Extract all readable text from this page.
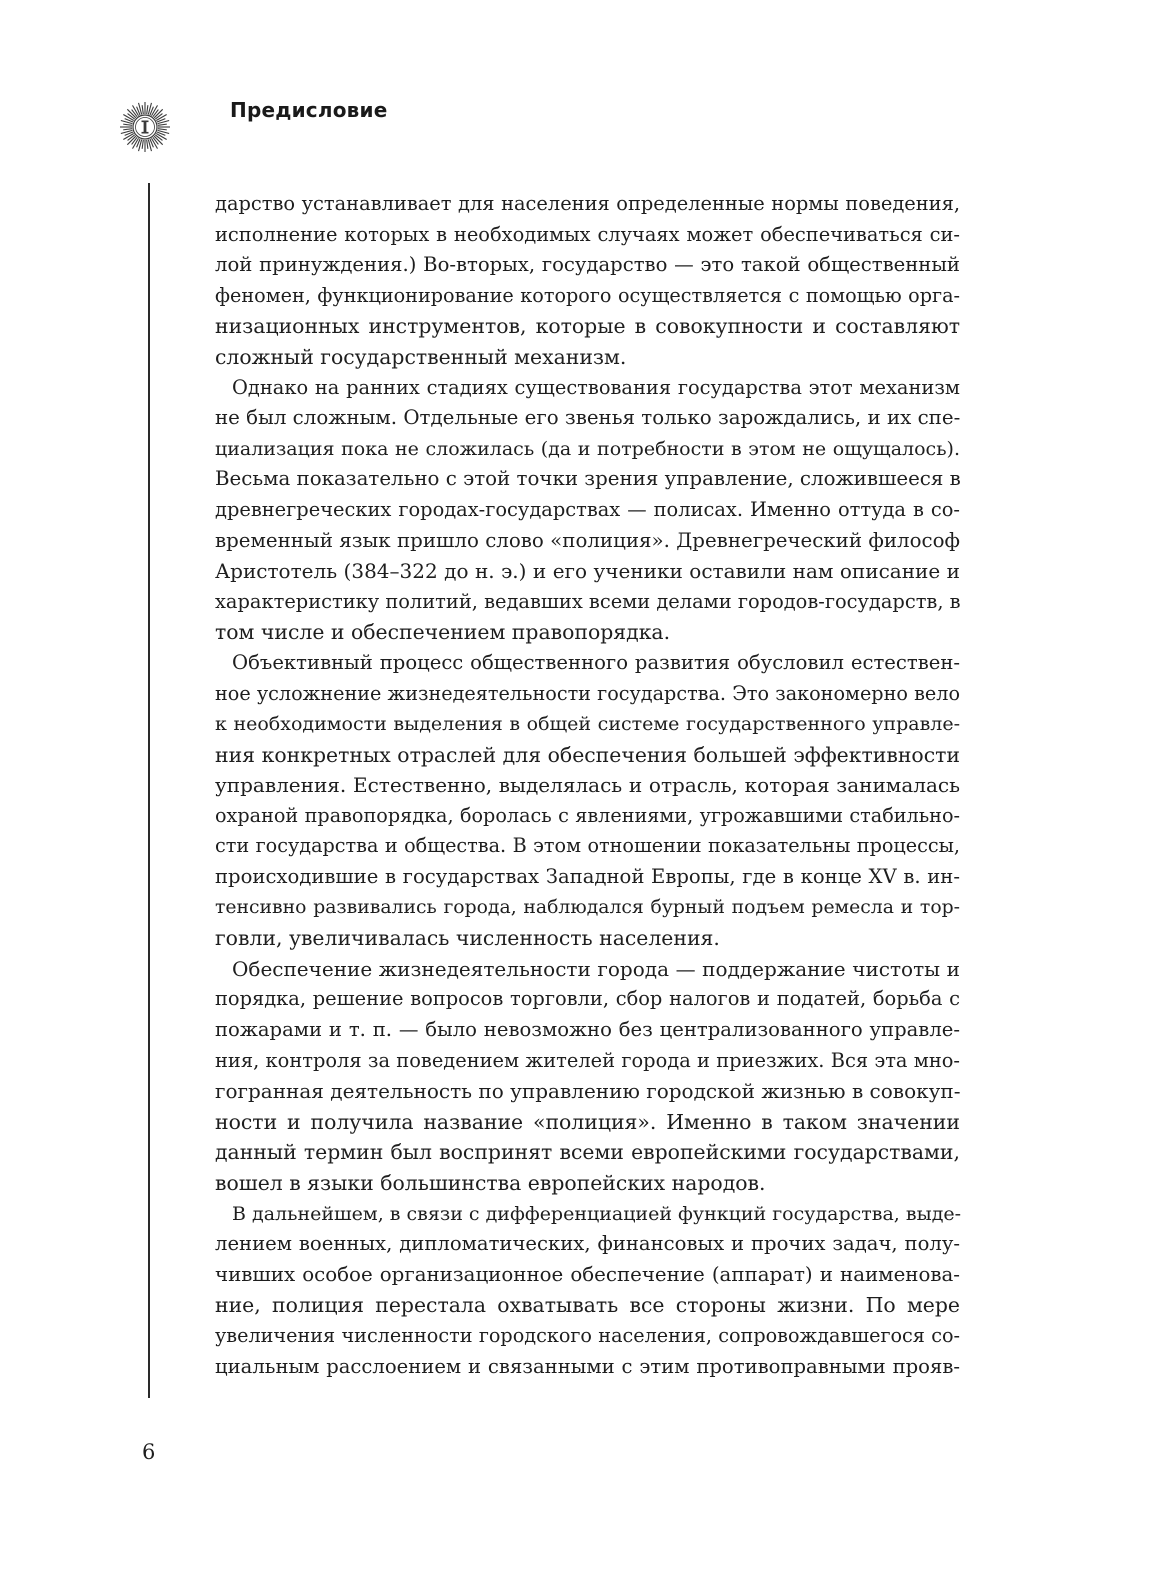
Предисловие
дарство устанавливает для населения определенные нормы поведения,
исполнение которых в необходимых случаях может обеспечиваться си-
лой принуждения.) Во-вторых, государство — это такой общественный
феномен, функционирование которого осуществляется с помощью орга-
низационных инструментов, которые в совокупности и составляют
сложный государственный механизм.
Однако на ранних стадиях существования государства этот механизм
не был сложным. Отдельные его звенья только зарождались, и их спе-
циализация пока не сложилась (да и потребности в этом не ощущалось).
Весьма показательно с этой точки зрения управление, сложившееся в
древнегреческих городах-государствах — полисах. Именно оттуда в со-
временный язык пришло слово «полиция». Древнегреческий философ
Аристотель (384–322 до н. э.) и его ученики оставили нам описание и
характеристику политий, ведавших всеми делами городов-государств, в
том числе и обеспечением правопорядка.
Объективный процесс общественного развития обусловил естествен-
ное усложнение жизнедеятельности государства. Это закономерно вело
к необходимости выделения в общей системе государственного управле-
ния конкретных отраслей для обеспечения большей эффективности
управления. Естественно, выделялась и отрасль, которая занималась
охраной правопорядка, боролась с явлениями, угрожавшими стабильно-
сти государства и общества. В этом отношении показательны процессы,
происходившие в государствах Западной Европы, где в конце XV в. ин-
тенсивно развивались города, наблюдался бурный подъем ремесла и тор-
говли, увеличивалась численность населения.
Обеспечение жизнедеятельности города — поддержание чистоты и
порядка, решение вопросов торговли, сбор налогов и податей, борьба с
пожарами и т. п. — было невозможно без централизованного управле-
ния, контроля за поведением жителей города и приезжих. Вся эта мно-
гогранная деятельность по управлению городской жизнью в совокуп-
ности и получила название «полиция». Именно в таком значении
данный термин был воспринят всеми европейскими государствами,
вошел в языки большинства европейских народов.
В дальнейшем, в связи с дифференциацией функций государства, выде-
лением военных, дипломатических, финансовых и прочих задач, полу-
чивших особое организационное обеспечение (аппарат) и наименова-
ние, полиция перестала охватывать все стороны жизни. По мере
увеличения численности городского населения, сопровождавшегося со-
циальным расслоением и связанными с этим противоправными прояв-
6
